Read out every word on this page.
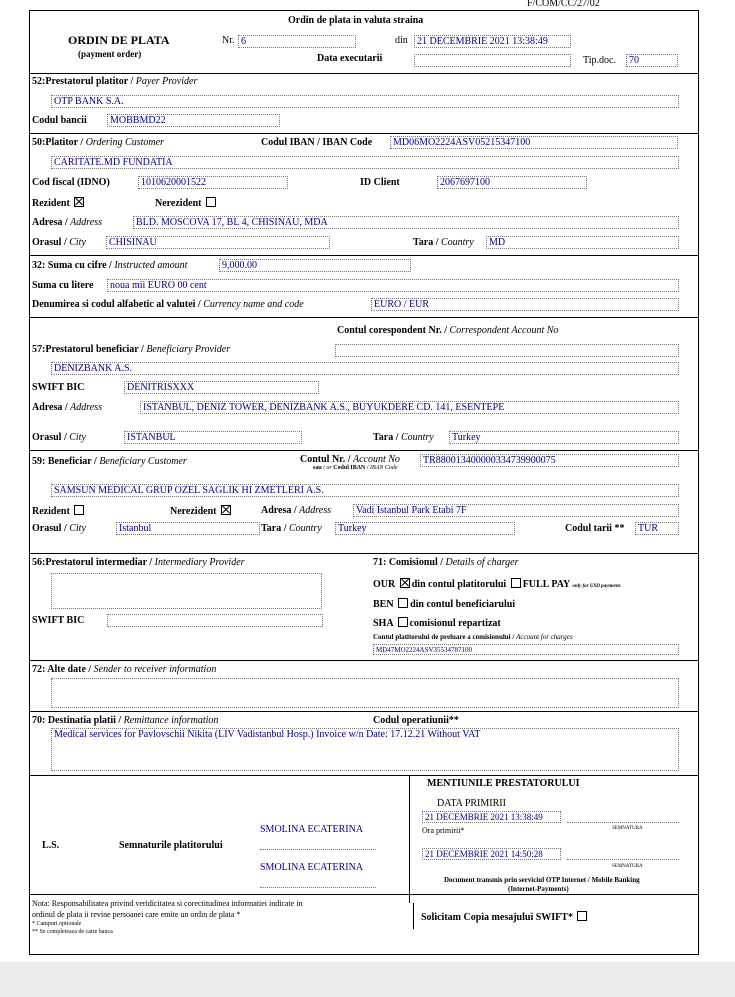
F/COM/CC/27/02
Ordin de plata in valuta straina
ORDIN DE PLATA
(payment order)
Nr. 6	din 21 DECEMBRIE 2021 13:38:49
Data executarii	Tip.doc.	70
52:Prestatorul platitor / Payer Provider
OTP BANK S.A.
Codul bancii	MOBBMD22
50:Platitor / Ordering Customer	Codul IBAN / IBAN Code	MD06MO2224ASV05215347100
CARITATE.MD FUNDATIA
Cod fiscal (IDNO)	1010620001522	ID Client	2067697100
Rezident	Nerezident
Adresa / Address	BLD. MOSCOVA 17, BL 4, CHISINAU, MDA
Orasul / City	CHISINAU	Tara / Country	MD
32: Suma cu cifre / Instructed amount	9,000.00
Suma cu litere	noua mii EURO 00 cent
Denumirea si codul alfabetic al valutei / Currency name and code	EURO / EUR
Contul corespondent Nr. / Correspondent Account No
57:Prestatorul beneficiar / Beneficiary Provider
DENIZBANK A.S.
SWIFT BIC	DENITRISXXX
Adresa / Address	ISTANBUL, DENIZ TOWER, DENIZBANK A.S., BUYUKDERE CD. 141, ESENTEPE
Orasul / City	ISTANBUL	Tara / Country	Turkey
59: Beneficiar / Beneficiary Customer	Contul Nr. / Account No
sau / or Codul IBAN / IBAN Code
TR880013400000334739900075
SAMSUN MEDICAL GRUP OZEL SAGLIK HI ZMETLERI A.S.
Rezident	Nerezident	Adresa / Address	Vadi Istanbul Park Etabi 7F
Orasul / City	Istanbul	Tara / Country	Turkey	Codul tarii **	TUR
56:Prestatorul intermediar / Intermediary Provider
SWIFT BIC
71: Comisionul / Details of charger
OUR din contul platitorului FULL PAY only for USD payments
BEN din contul beneficiarului
SHA comisionul repartizat
Contul platitorului de preluare a comisionului / Account for charges
MD47MO2224ASV35534787100
72: Alte date / Sender to receiver information
70: Destinatia platii / Remittance information	Codul operatiunii**
Medical services for Pavlovschii Nikita (LIV Vadistanbul Hosp.) Invoice w/n Date: 17.12.21 Without VAT
L.S.	Semnaturile platitorului
SMOLINA ECATERINA
SMOLINA ECATERINA
MENTIUNILE PRESTATORULUI
DATA PRIMIRII
21 DECEMBRIE 2021 13:38:49
Ora primirii*	SEMNATURA
21 DECEMBRIE 2021 14:50:28
SEMNATURA
Document transmis prin serviciul OTP Internet / Mobile Banking
(Internet-Payments)
Nota: Responsabilitatea privind veridicitatea si corectitudinea informatiei indicate in
ordinul de plata ii revine persoanei care emite un ordin de plata *
* Campuri optionale
** Se completeaza de catre banca
Solicitam Copia mesajului SWIFT*
